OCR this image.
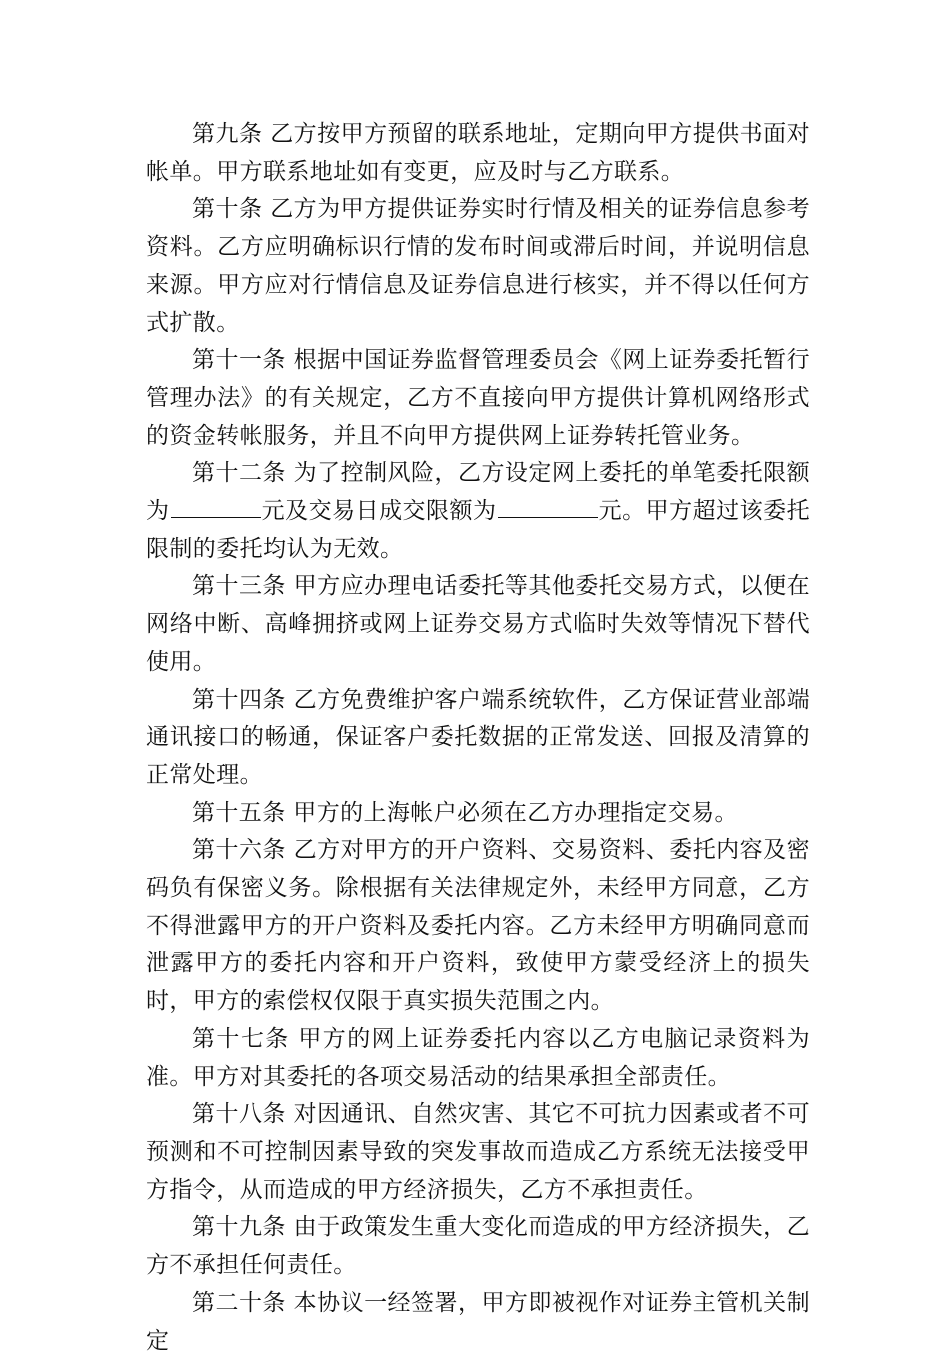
第九条 乙方按甲方预留的联系地址，定期向甲方提供书面对帐单。甲方联系地址如有变更，应及时与乙方联系。

第十条 乙方为甲方提供证券实时行情及相关的证券信息参考资料。乙方应明确标识行情的发布时间或滞后时间，并说明信息来源。甲方应对行情信息及证券信息进行核实，并不得以任何方式扩散。

第十一条 根据中国证券监督管理委员会《网上证券委托暂行管理办法》的有关规定，乙方不直接向甲方提供计算机网络形式的资金转帐服务，并且不向甲方提供网上证券转托管业务。

第十二条 为了控制风险，乙方设定网上委托的单笔委托限额为	元及交易日成交限额为	元。甲方超过该委托限制的委托均认为无效。

第十三条 甲方应办理电话委托等其他委托交易方式，以便在网络中断、高峰拥挤或网上证券交易方式临时失效等情况下替代使用。

第十四条 乙方免费维护客户端系统软件，乙方保证营业部端通讯接口的畅通，保证客户委托数据的正常发送、回报及清算的正常处理。

第十五条 甲方的上海帐户必须在乙方办理指定交易。

第十六条 乙方对甲方的开户资料、交易资料、委托内容及密码负有保密义务。除根据有关法律规定外，未经甲方同意，乙方不得泄露甲方的开户资料及委托内容。乙方未经甲方明确同意而泄露甲方的委托内容和开户资料，致使甲方蒙受经济上的损失时，甲方的索偿权仅限于真实损失范围之内。

第十七条 甲方的网上证券委托内容以乙方电脑记录资料为准。甲方对其委托的各项交易活动的结果承担全部责任。

第十八条 对因通讯、自然灾害、其它不可抗力因素或者不可预测和不可控制因素导致的突发事故而造成乙方系统无法接受甲方指令，从而造成的甲方经济损失，乙方不承担责任。

第十九条 由于政策发生重大变化而造成的甲方经济损失，乙方不承担任何责任。

第二十条 本协议一经签署，甲方即被视作对证券主管机关制定
